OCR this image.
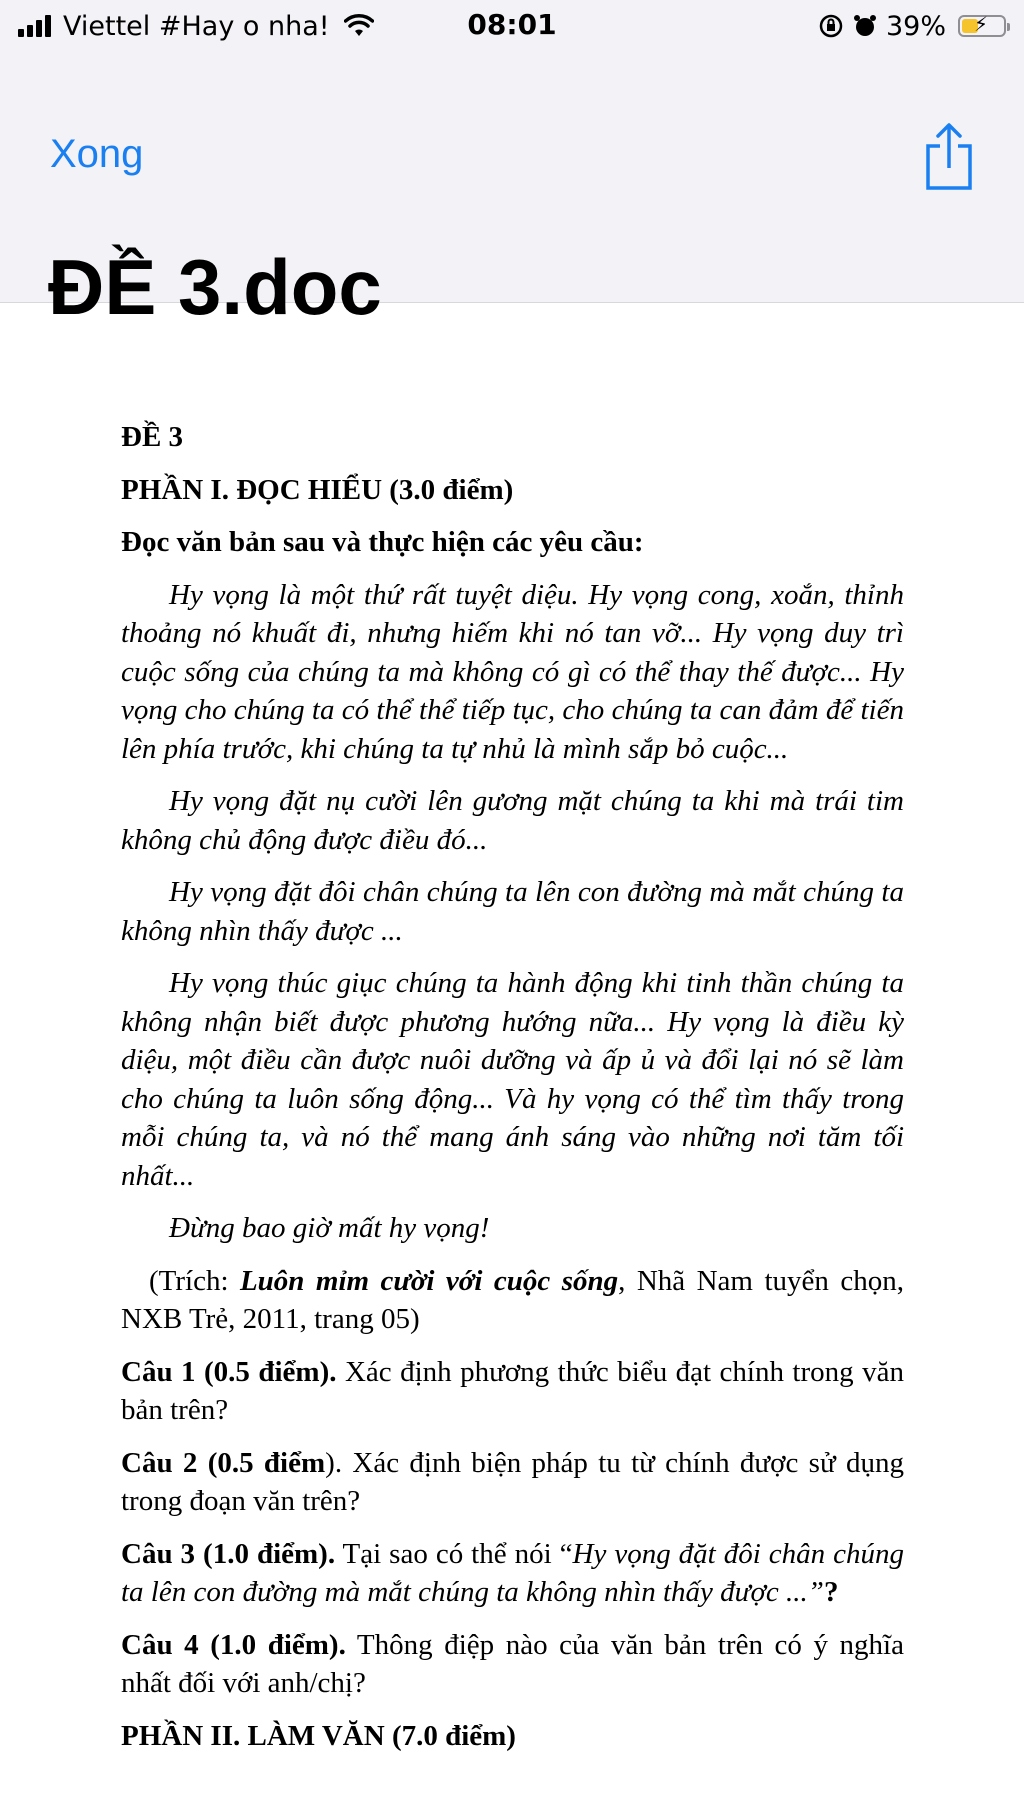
Viettel #Hay o nha!	08:01	39% ⚡
Xong
ĐỀ 3.doc

ĐỀ 3

PHẦN I. ĐỌC HIỂU (3.0 điểm)

Đọc văn bản sau và thực hiện các yêu cầu:

Hy vọng là một thứ rất tuyệt diệu. Hy vọng cong, xoắn, thỉnh thoảng nó khuất đi, nhưng hiếm khi nó tan vỡ... Hy vọng duy trì cuộc sống của chúng ta mà không có gì có thể thay thế được... Hy vọng cho chúng ta có thể thể tiếp tục, cho chúng ta can đảm để tiến lên phía trước, khi chúng ta tự nhủ là mình sắp bỏ cuộc...

Hy vọng đặt nụ cười lên gương mặt chúng ta khi mà trái tim không chủ động được điều đó...

Hy vọng đặt đôi chân chúng ta lên con đường mà mắt chúng ta không nhìn thấy được ...

Hy vọng thúc giục chúng ta hành động khi tinh thần chúng ta không nhận biết được phương hướng nữa... Hy vọng là điều kỳ diệu, một điều cần được nuôi dưỡng và ấp ủ và đổi lại nó sẽ làm cho chúng ta luôn sống động... Và hy vọng có thể tìm thấy trong mỗi chúng ta, và nó thể mang ánh sáng vào những nơi tăm tối nhất...

Đừng bao giờ mất hy vọng!

(Trích: Luôn mỉm cười với cuộc sống, Nhã Nam tuyển chọn, NXB Trẻ, 2011, trang 05)

Câu 1 (0.5 điểm). Xác định phương thức biểu đạt chính trong văn bản trên?

Câu 2 (0.5 điểm). Xác định biện pháp tu từ chính được sử dụng trong đoạn văn trên?

Câu 3 (1.0 điểm). Tại sao có thể nói “Hy vọng đặt đôi chân chúng ta lên con đường mà mắt chúng ta không nhìn thấy được ...”?

Câu 4 (1.0 điểm). Thông điệp nào của văn bản trên có ý nghĩa nhất đối với anh/chị?

PHẦN II. LÀM VĂN (7.0 điểm)
